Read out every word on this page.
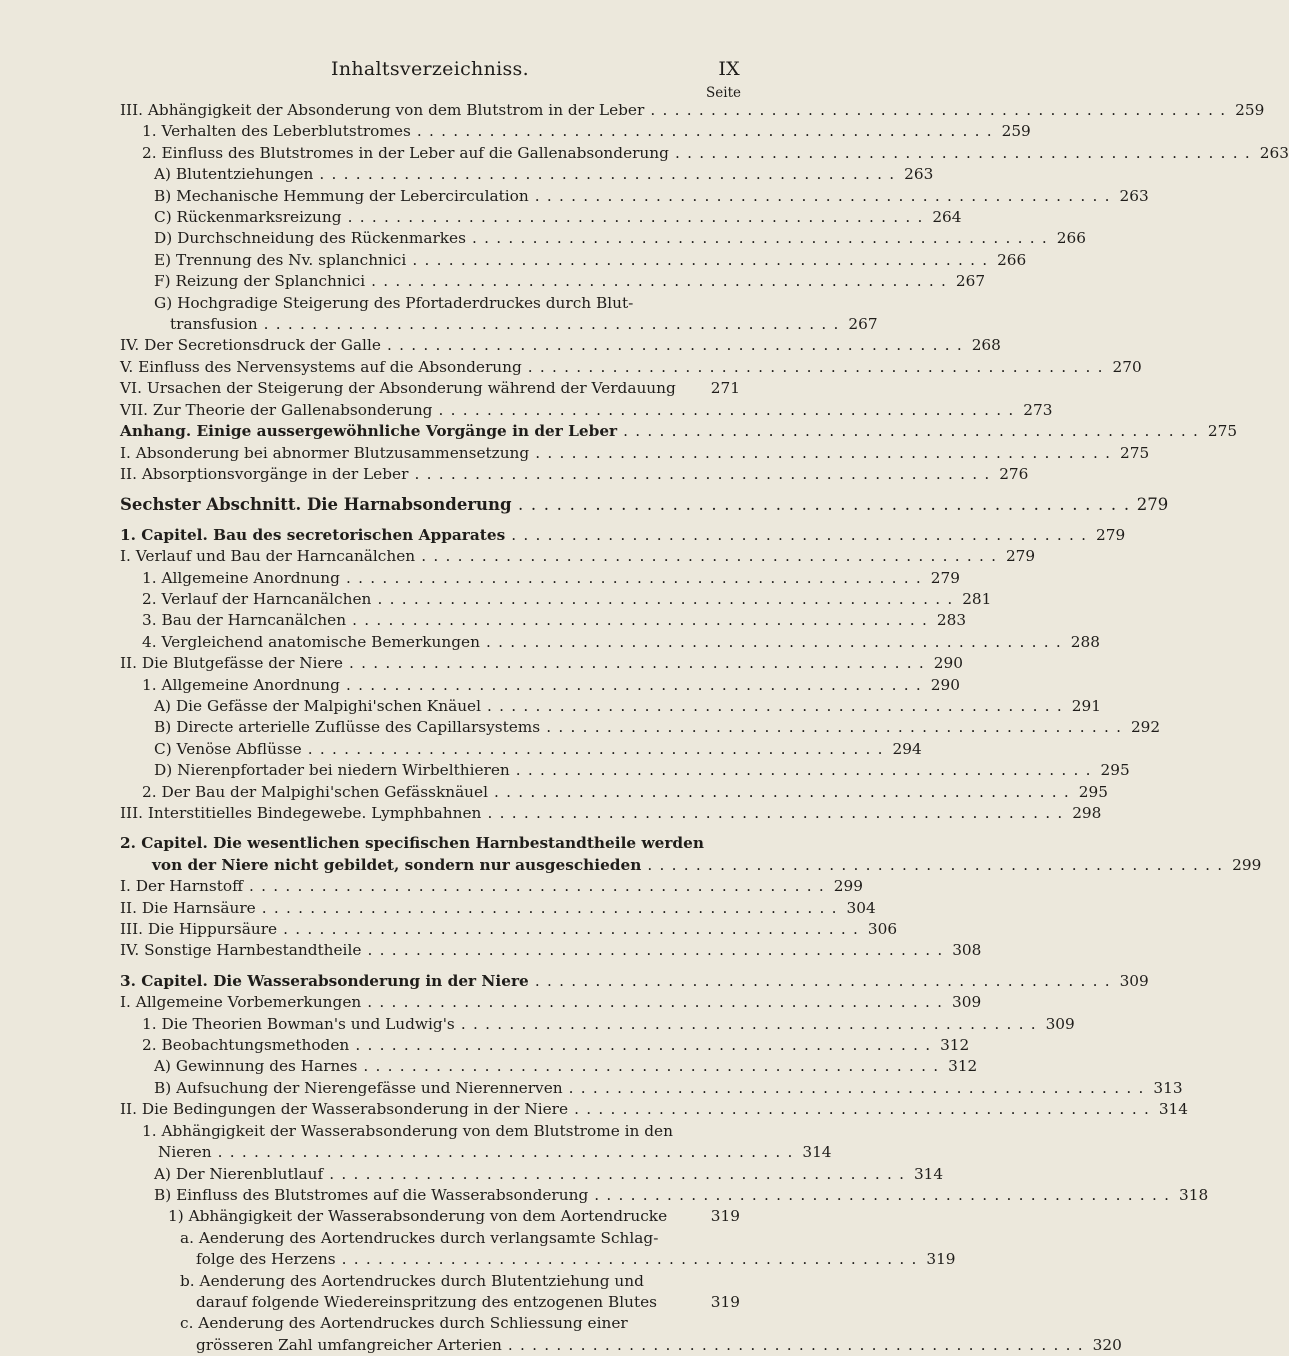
Inhaltsverzeichniss.	IX
Seite
III. Abhängigkeit der Absonderung von dem Blutstrom in der Leber . . . . . . . . . . . . . . . . . . . . . . . . . . . . . . . . . . . . . . . . . . . . . . . . 259
1. Verhalten des Leberblutstromes . . . . . . . . . . . . . . . . . . . . . . . . . . . . . . . . . . . . . . . . . . . . . . . . 259
2. Einfluss des Blutstromes in der Leber auf die Gallenabsonderung . . . . . . . . . . . . . . . . . . . . . . . . . . . . . . . . . . . . . . . . . . . . . . . . 263
A) Blutentziehungen . . . . . . . . . . . . . . . . . . . . . . . . . . . . . . . . . . . . . . . . . . . . . . . . 263
B) Mechanische Hemmung der Lebercirculation . . . . . . . . . . . . . . . . . . . . . . . . . . . . . . . . . . . . . . . . . . . . . . . . 263
C) Rückenmarksreizung . . . . . . . . . . . . . . . . . . . . . . . . . . . . . . . . . . . . . . . . . . . . . . . . 264
D) Durchschneidung des Rückenmarkes . . . . . . . . . . . . . . . . . . . . . . . . . . . . . . . . . . . . . . . . . . . . . . . . 266
E) Trennung des Nv. splanchnici . . . . . . . . . . . . . . . . . . . . . . . . . . . . . . . . . . . . . . . . . . . . . . . . 266
F) Reizung der Splanchnici . . . . . . . . . . . . . . . . . . . . . . . . . . . . . . . . . . . . . . . . . . . . . . . . 267
G) Hochgradige Steigerung des Pfortaderdruckes durch Blut-
transfusion . . . . . . . . . . . . . . . . . . . . . . . . . . . . . . . . . . . . . . . . . . . . . . . . 267
IV. Der Secretionsdruck der Galle . . . . . . . . . . . . . . . . . . . . . . . . . . . . . . . . . . . . . . . . . . . . . . . . 268
V. Einfluss des Nervensystems auf die Absonderung . . . . . . . . . . . . . . . . . . . . . . . . . . . . . . . . . . . . . . . . . . . . . . . . 270
VI. Ursachen der Steigerung der Absonderung während der Verdauung	271
VII. Zur Theorie der Gallenabsonderung . . . . . . . . . . . . . . . . . . . . . . . . . . . . . . . . . . . . . . . . . . . . . . . . 273
Anhang. Einige aussergewöhnliche Vorgänge in der Leber . . . . . . . . . . . . . . . . . . . . . . . . . . . . . . . . . . . . . . . . . . . . . . . . 275
I. Absonderung bei abnormer Blutzusammensetzung . . . . . . . . . . . . . . . . . . . . . . . . . . . . . . . . . . . . . . . . . . . . . . . . 275
II. Absorptionsvorgänge in der Leber . . . . . . . . . . . . . . . . . . . . . . . . . . . . . . . . . . . . . . . . . . . . . . . . 276
Sechster Abschnitt. Die Harnabsonderung . . . . . . . . . . . . . . . . . . . . . . . . . . . . . . . . . . . . . . . . . . . . . . . . 279
1. Capitel. Bau des secretorischen Apparates . . . . . . . . . . . . . . . . . . . . . . . . . . . . . . . . . . . . . . . . . . . . . . . . 279
I. Verlauf und Bau der Harncanälchen . . . . . . . . . . . . . . . . . . . . . . . . . . . . . . . . . . . . . . . . . . . . . . . . 279
1. Allgemeine Anordnung . . . . . . . . . . . . . . . . . . . . . . . . . . . . . . . . . . . . . . . . . . . . . . . . 279
2. Verlauf der Harncanälchen . . . . . . . . . . . . . . . . . . . . . . . . . . . . . . . . . . . . . . . . . . . . . . . . 281
3. Bau der Harncanälchen . . . . . . . . . . . . . . . . . . . . . . . . . . . . . . . . . . . . . . . . . . . . . . . . 283
4. Vergleichend anatomische Bemerkungen . . . . . . . . . . . . . . . . . . . . . . . . . . . . . . . . . . . . . . . . . . . . . . . . 288
II. Die Blutgefässe der Niere . . . . . . . . . . . . . . . . . . . . . . . . . . . . . . . . . . . . . . . . . . . . . . . . 290
1. Allgemeine Anordnung . . . . . . . . . . . . . . . . . . . . . . . . . . . . . . . . . . . . . . . . . . . . . . . . 290
A) Die Gefässe der Malpighi'schen Knäuel . . . . . . . . . . . . . . . . . . . . . . . . . . . . . . . . . . . . . . . . . . . . . . . . 291
B) Directe arterielle Zuflüsse des Capillarsystems . . . . . . . . . . . . . . . . . . . . . . . . . . . . . . . . . . . . . . . . . . . . . . . . 292
C) Venöse Abflüsse . . . . . . . . . . . . . . . . . . . . . . . . . . . . . . . . . . . . . . . . . . . . . . . . 294
D) Nierenpfortader bei niedern Wirbelthieren . . . . . . . . . . . . . . . . . . . . . . . . . . . . . . . . . . . . . . . . . . . . . . . . 295
2. Der Bau der Malpighi'schen Gefässknäuel . . . . . . . . . . . . . . . . . . . . . . . . . . . . . . . . . . . . . . . . . . . . . . . . 295
III. Interstitielles Bindegewebe. Lymphbahnen . . . . . . . . . . . . . . . . . . . . . . . . . . . . . . . . . . . . . . . . . . . . . . . . 298
2. Capitel. Die wesentlichen specifischen Harnbestandtheile werden
von der Niere nicht gebildet, sondern nur ausgeschieden . . . . . . . . . . . . . . . . . . . . . . . . . . . . . . . . . . . . . . . . . . . . . . . . 299
I. Der Harnstoff . . . . . . . . . . . . . . . . . . . . . . . . . . . . . . . . . . . . . . . . . . . . . . . . 299
II. Die Harnsäure . . . . . . . . . . . . . . . . . . . . . . . . . . . . . . . . . . . . . . . . . . . . . . . . 304
III. Die Hippursäure . . . . . . . . . . . . . . . . . . . . . . . . . . . . . . . . . . . . . . . . . . . . . . . . 306
IV. Sonstige Harnbestandtheile . . . . . . . . . . . . . . . . . . . . . . . . . . . . . . . . . . . . . . . . . . . . . . . . 308
3. Capitel. Die Wasserabsonderung in der Niere . . . . . . . . . . . . . . . . . . . . . . . . . . . . . . . . . . . . . . . . . . . . . . . . 309
I. Allgemeine Vorbemerkungen . . . . . . . . . . . . . . . . . . . . . . . . . . . . . . . . . . . . . . . . . . . . . . . . 309
1. Die Theorien Bowman's und Ludwig's . . . . . . . . . . . . . . . . . . . . . . . . . . . . . . . . . . . . . . . . . . . . . . . . 309
2. Beobachtungsmethoden . . . . . . . . . . . . . . . . . . . . . . . . . . . . . . . . . . . . . . . . . . . . . . . . 312
A) Gewinnung des Harnes . . . . . . . . . . . . . . . . . . . . . . . . . . . . . . . . . . . . . . . . . . . . . . . . 312
B) Aufsuchung der Nierengefässe und Nierennerven . . . . . . . . . . . . . . . . . . . . . . . . . . . . . . . . . . . . . . . . . . . . . . . . 313
II. Die Bedingungen der Wasserabsonderung in der Niere . . . . . . . . . . . . . . . . . . . . . . . . . . . . . . . . . . . . . . . . . . . . . . . . 314
1. Abhängigkeit der Wasserabsonderung von dem Blutstrome in den
Nieren . . . . . . . . . . . . . . . . . . . . . . . . . . . . . . . . . . . . . . . . . . . . . . . . 314
A) Der Nierenblutlauf . . . . . . . . . . . . . . . . . . . . . . . . . . . . . . . . . . . . . . . . . . . . . . . . 314
B) Einfluss des Blutstromes auf die Wasserabsonderung . . . . . . . . . . . . . . . . . . . . . . . . . . . . . . . . . . . . . . . . . . . . . . . . 318
1) Abhängigkeit der Wasserabsonderung von dem Aortendrucke	319
a. Aenderung des Aortendruckes durch verlangsamte Schlag-
folge des Herzens . . . . . . . . . . . . . . . . . . . . . . . . . . . . . . . . . . . . . . . . . . . . . . . . 319
b. Aenderung des Aortendruckes durch Blutentziehung und
darauf folgende Wiedereinspritzung des entzogenen Blutes	319
c. Aenderung des Aortendruckes durch Schliessung einer
grösseren Zahl umfangreicher Arterien . . . . . . . . . . . . . . . . . . . . . . . . . . . . . . . . . . . . . . . . . . . . . . . . 320
